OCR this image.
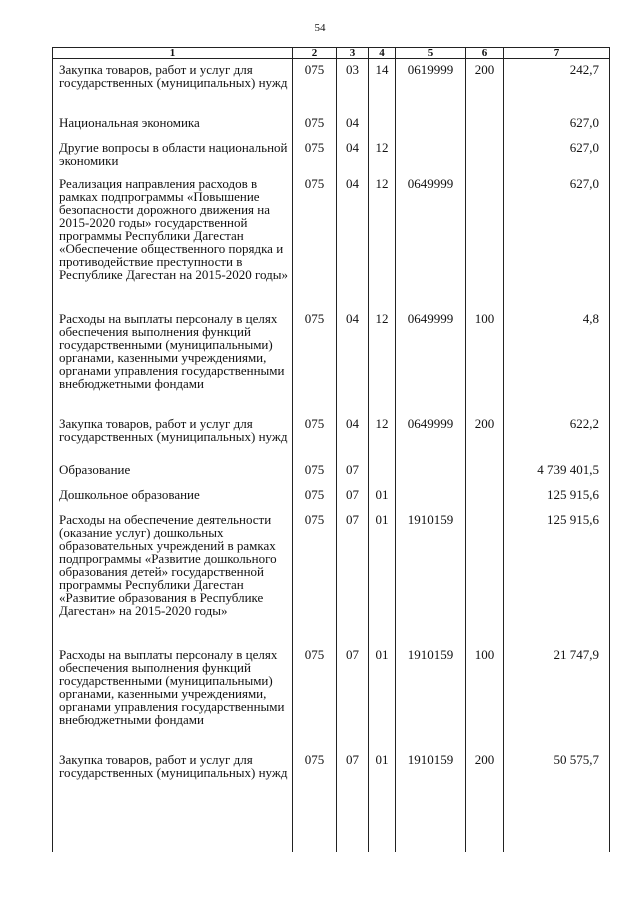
54
1	2	3	4	5	6	7
Закупка товаров, работ и услуг для государственных (муниципальных) нужд	075	03	14	0619999	200	242,7
Национальная экономика	075	04				627,0
Другие вопросы в области национальной экономики	075	04	12			627,0
Реализация направления расходов в рамках подпрограммы «Повышение безопасности дорожного движения на 2015-2020 годы» государственной программы Республики Дагестан «Обеспечение общественного порядка и противодействие преступности в Республике Дагестан на 2015-2020 годы»	075	04	12	0649999		627,0
Расходы на выплаты персоналу в целях обеспечения выполнения функций государственными (муниципальными) органами, казенными учреждениями, органами управления государственными внебюджетными фондами	075	04	12	0649999	100	4,8
Закупка товаров, работ и услуг для государственных (муниципальных) нужд	075	04	12	0649999	200	622,2
Образование	075	07				4 739 401,5
Дошкольное образование	075	07	01			125 915,6
Расходы на обеспечение деятельности (оказание услуг) дошкольных образовательных учреждений в рамках подпрограммы «Развитие дошкольного образования детей» государственной программы Республики Дагестан «Развитие образования в Республике Дагестан» на 2015-2020 годы»	075	07	01	1910159		125 915,6
Расходы на выплаты персоналу в целях обеспечения выполнения функций государственными (муниципальными) органами, казенными учреждениями, органами управления государственными внебюджетными фондами	075	07	01	1910159	100	21 747,9
Закупка товаров, работ и услуг для государственных (муниципальных) нужд	075	07	01	1910159	200	50 575,7
